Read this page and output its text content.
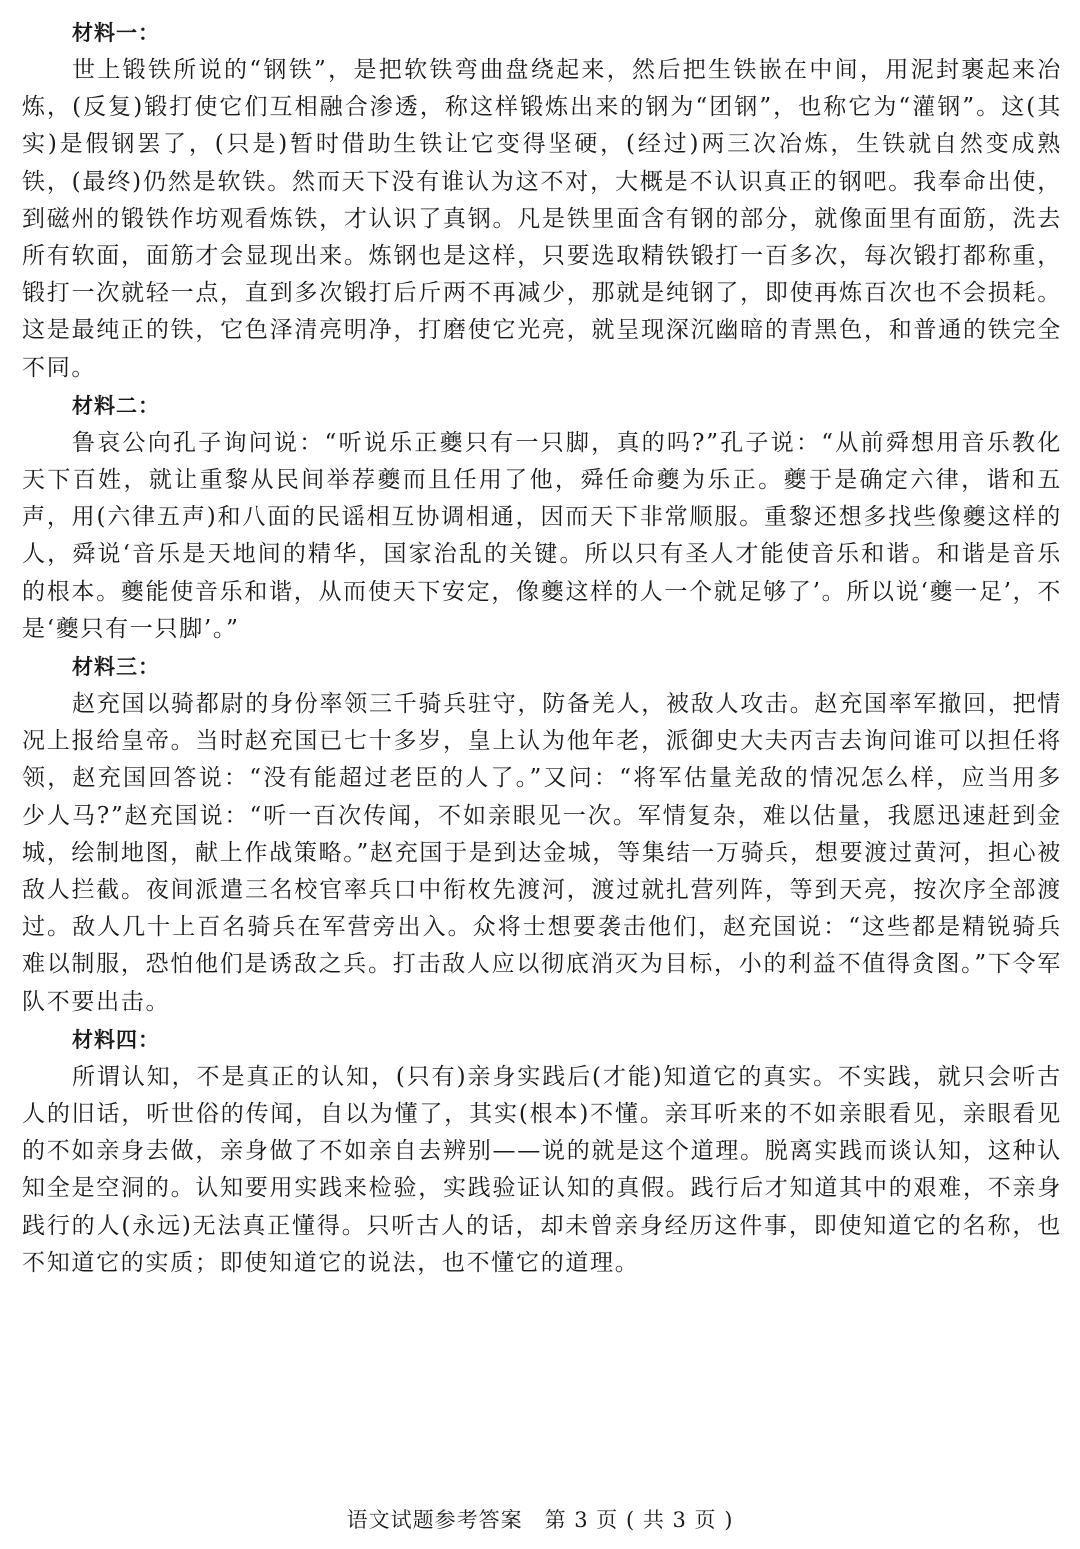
材料一：

世上锻铁所说的“钢铁”，是把软铁弯曲盘绕起来，然后把生铁嵌在中间，用泥封裹起来冶炼，(反复)锻打使它们互相融合渗透，称这样锻炼出来的钢为“团钢”，也称它为“灌钢”。这(其实)是假钢罢了，(只是)暂时借助生铁让它变得坚硬，(经过)两三次冶炼，生铁就自然变成熟铁，(最终)仍然是软铁。然而天下没有谁认为这不对，大概是不认识真正的钢吧。我奉命出使，到磁州的锻铁作坊观看炼铁，才认识了真钢。凡是铁里面含有钢的部分，就像面里有面筋，洗去所有软面，面筋才会显现出来。炼钢也是这样，只要选取精铁锻打一百多次，每次锻打都称重，锻打一次就轻一点，直到多次锻打后斤两不再减少，那就是纯钢了，即使再炼百次也不会损耗。这是最纯正的铁，它色泽清亮明净，打磨使它光亮，就呈现深沉幽暗的青黑色，和普通的铁完全不同。

材料二：

鲁哀公向孔子询问说：“听说乐正夔只有一只脚，真的吗?”孔子说：“从前舜想用音乐教化天下百姓，就让重黎从民间举荐夔而且任用了他，舜任命夔为乐正。夔于是确定六律，谐和五声，用(六律五声)和八面的民谣相互协调相通，因而天下非常顺服。重黎还想多找些像夔这样的人，舜说‘音乐是天地间的精华，国家治乱的关键。所以只有圣人才能使音乐和谐。和谐是音乐的根本。夔能使音乐和谐，从而使天下安定，像夔这样的人一个就足够了’。所以说‘夔一足’，不是‘夔只有一只脚’。”

材料三：

赵充国以骑都尉的身份率领三千骑兵驻守，防备羌人，被敌人攻击。赵充国率军撤回，把情况上报给皇帝。当时赵充国已七十多岁，皇上认为他年老，派御史大夫丙吉去询问谁可以担任将领，赵充国回答说：“没有能超过老臣的人了。”又问：“将军估量羌敌的情况怎么样，应当用多少人马?”赵充国说：“听一百次传闻，不如亲眼见一次。军情复杂，难以估量，我愿迅速赶到金城，绘制地图，献上作战策略。”赵充国于是到达金城，等集结一万骑兵，想要渡过黄河，担心被敌人拦截。夜间派遣三名校官率兵口中衔枚先渡河，渡过就扎营列阵，等到天亮，按次序全部渡过。敌人几十上百名骑兵在军营旁出入。众将士想要袭击他们，赵充国说：“这些都是精锐骑兵难以制服，恐怕他们是诱敌之兵。打击敌人应以彻底消灭为目标，小的利益不值得贪图。”下令军队不要出击。

材料四：

所谓认知，不是真正的认知，(只有)亲身实践后(才能)知道它的真实。不实践，就只会听古人的旧话，听世俗的传闻，自以为懂了，其实(根本)不懂。亲耳听来的不如亲眼看见，亲眼看见的不如亲身去做，亲身做了不如亲自去辨别——说的就是这个道理。脱离实践而谈认知，这种认知全是空洞的。认知要用实践来检验，实践验证认知的真假。践行后才知道其中的艰难，不亲身践行的人(永远)无法真正懂得。只听古人的话，却未曾亲身经历这件事，即使知道它的名称，也不知道它的实质；即使知道它的说法，也不懂它的道理。

语文试题参考答案　第 3 页 ( 共 3 页 )
